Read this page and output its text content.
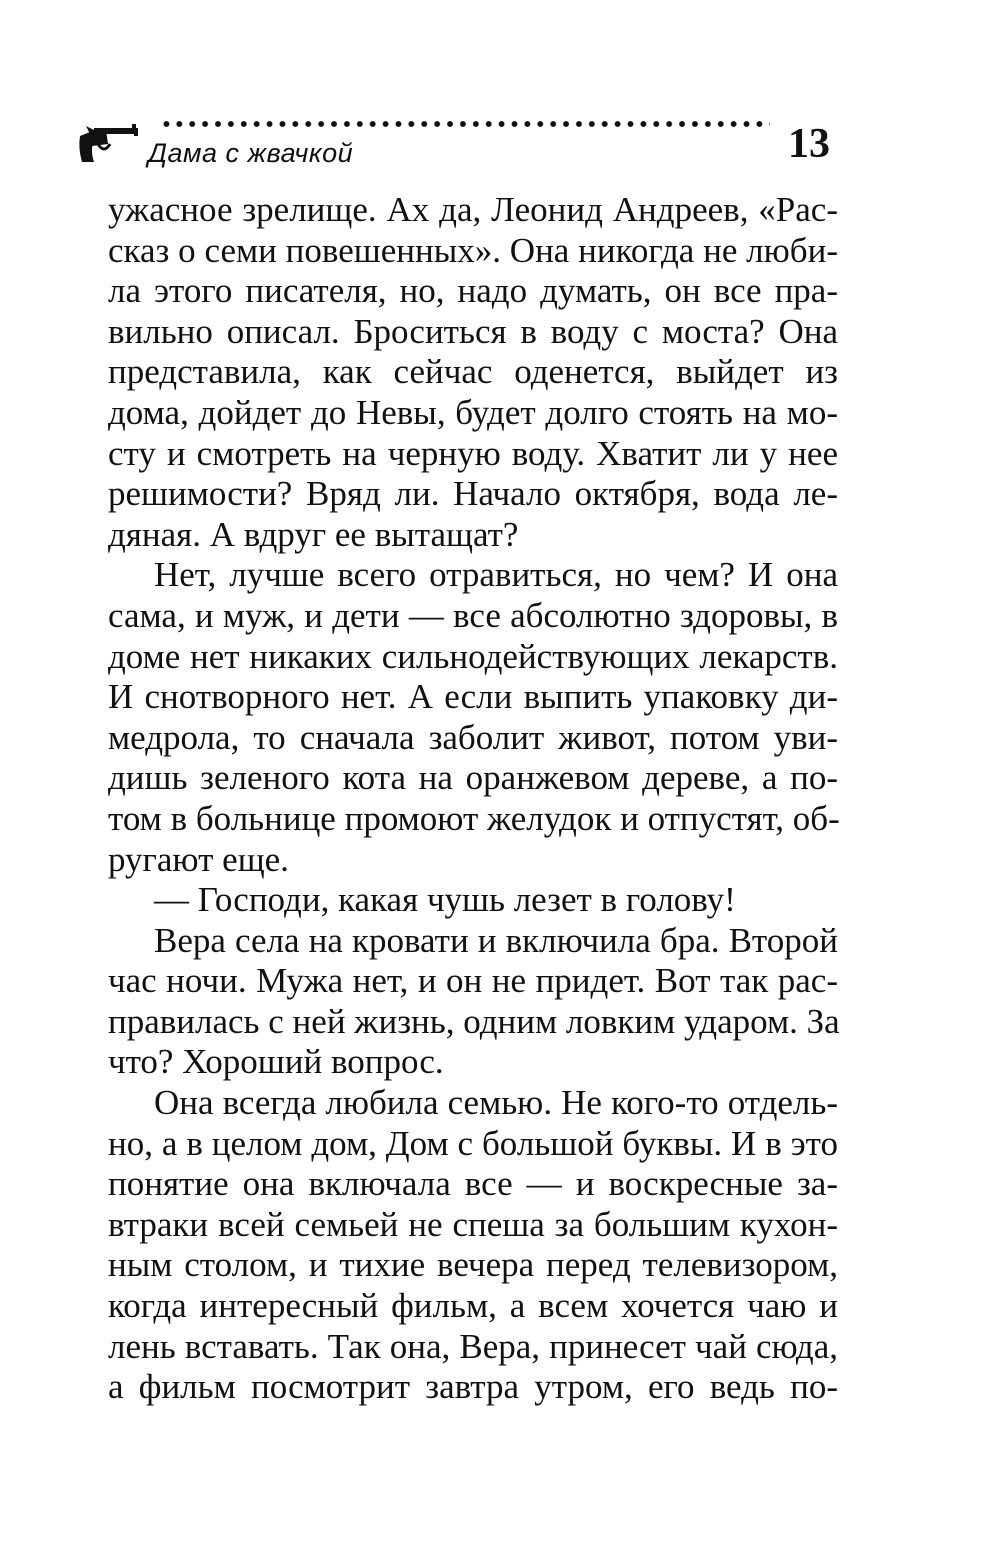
Дама с жвачкой	13

ужасное зрелище. Ах да, Леонид Андреев, «Рас-
сказ о семи повешенных». Она никогда не люби-
ла этого писателя, но, надо думать, он все пра-
вильно описал. Броситься в воду с моста? Она
представила, как сейчас оденется, выйдет из
дома, дойдет до Невы, будет долго стоять на мо-
сту и смотреть на черную воду. Хватит ли у нее
решимости? Вряд ли. Начало октября, вода ле-
дяная. А вдруг ее вытащат?

Нет, лучше всего отравиться, но чем? И она
сама, и муж, и дети — все абсолютно здоровы, в
доме нет никаких сильнодействующих лекарств.
И снотворного нет. А если выпить упаковку ди-
медрола, то сначала заболит живот, потом уви-
дишь зеленого кота на оранжевом дереве, а по-
том в больнице промоют желудок и отпустят, об-
ругают еще.

— Господи, какая чушь лезет в голову!

Вера села на кровати и включила бра. Второй
час ночи. Мужа нет, и он не придет. Вот так рас-
правилась с ней жизнь, одним ловким ударом. За
что? Хороший вопрос.

Она всегда любила семью. Не кого-то отдель-
но, а в целом дом, Дом с большой буквы. И в это
понятие она включала все — и воскресные за-
втраки всей семьей не спеша за большим кухон-
ным столом, и тихие вечера перед телевизором,
когда интересный фильм, а всем хочется чаю и
лень вставать. Так она, Вера, принесет чай сюда,
а фильм посмотрит завтра утром, его ведь по-
